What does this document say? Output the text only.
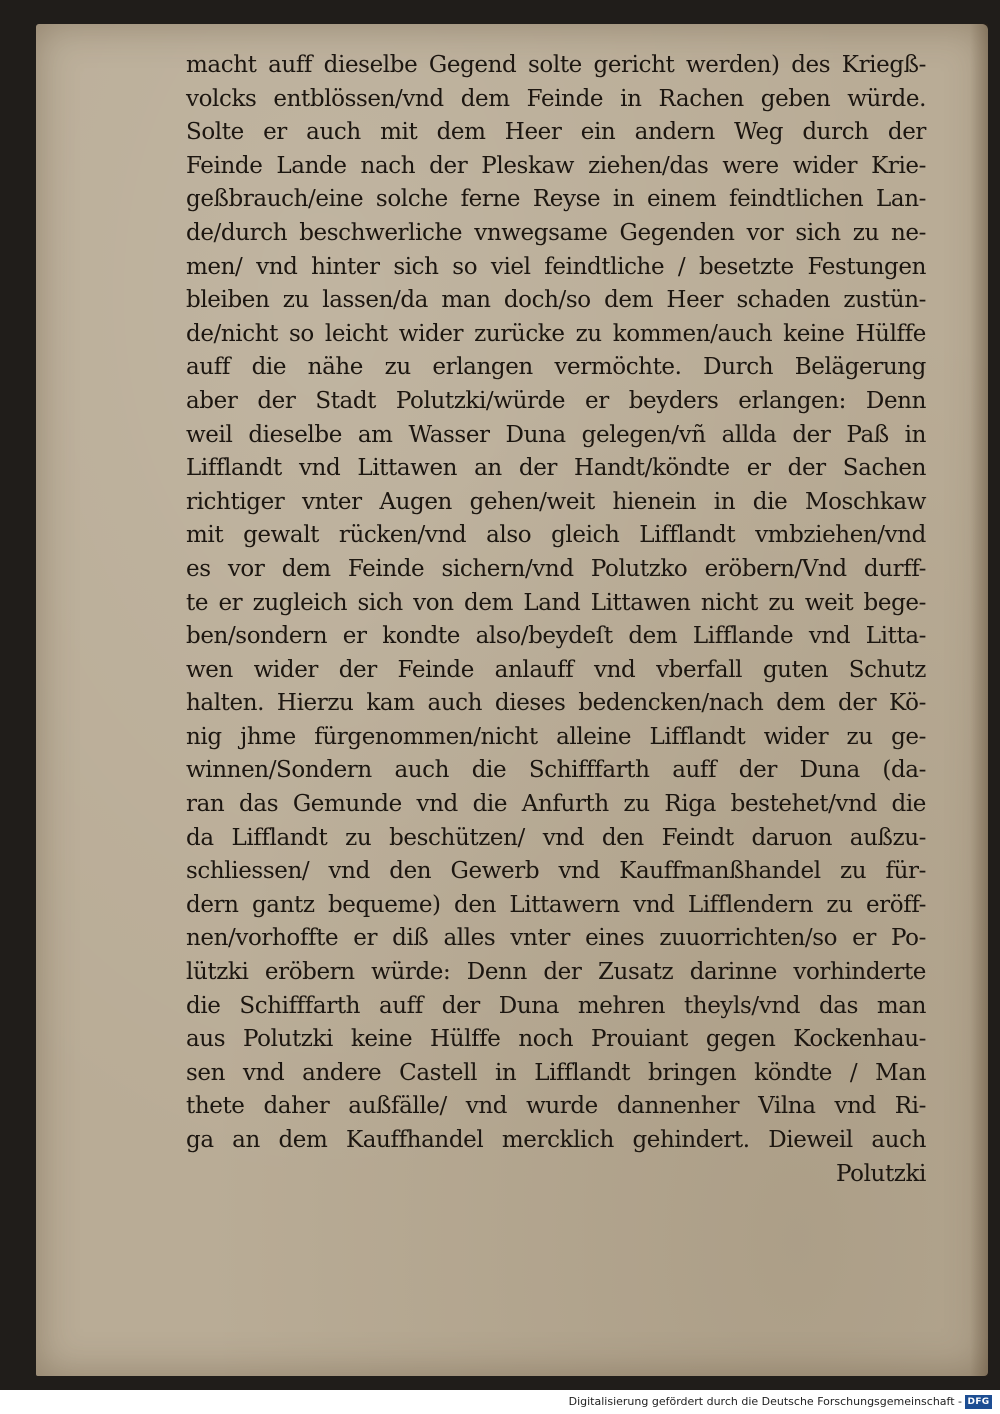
macht auff dieselbe Gegend solte gericht werden) des Kriegß-
volcks entblössen/vnd dem Feinde in Rachen geben würde.
Solte er auch mit dem Heer ein andern Weg durch der
Feinde Lande nach der Pleskaw ziehen/das were wider Krie-
geßbrauch/eine solche ferne Reyse in einem feindtlichen Lan-
de/durch beschwerliche vnwegsame Gegenden vor sich zu ne-
men/ vnd hinter sich so viel feindtliche / besetzte Festungen
bleiben zu lassen/da man doch/so dem Heer schaden zustün-
de/nicht so leicht wider zurücke zu kommen/auch keine Hülffe
auff die nähe zu erlangen vermöchte. Durch Belägerung
aber der Stadt Polutzki/würde er beyders erlangen: Denn
weil dieselbe am Wasser Duna gelegen/vñ allda der Paß in
Lifflandt vnd Littawen an der Handt/köndte er der Sachen
richtiger vnter Augen gehen/weit hienein in die Moschkaw
mit gewalt rücken/vnd also gleich Lifflandt vmbziehen/vnd
es vor dem Feinde sichern/vnd Polutzko eröbern/Vnd durff-
te er zugleich sich von dem Land Littawen nicht zu weit bege-
ben/sondern er kondte also/beydeſt dem Lifflande vnd Litta-
wen wider der Feinde anlauff vnd vberfall guten Schutz
halten. Hierzu kam auch dieses bedencken/nach dem der Kö-
nig jhme fürgenommen/nicht alleine Lifflandt wider zu ge-
winnen/Sondern auch die Schifffarth auff der Duna (da-
ran das Gemunde vnd die Anfurth zu Riga bestehet/vnd die
da Lifflandt zu beschützen/ vnd den Feindt daruon außzu-
schliessen/ vnd den Gewerb vnd Kauffmanßhandel zu für-
dern gantz bequeme) den Littawern vnd Lifflendern zu eröff-
nen/vorhoffte er diß alles vnter eines zuuorrichten/so er Po-
lützki eröbern würde: Denn der Zusatz darinne vorhinderte
die Schifffarth auff der Duna mehren theyls/vnd das man
aus Polutzki keine Hülffe noch Prouiant gegen Kockenhau-
sen vnd andere Castell in Lifflandt bringen köndte / Man
thete daher außfälle/ vnd wurde dannenher Vilna vnd Ri-
ga an dem Kauffhandel mercklich gehindert. Dieweil auch
Polutzki
Digitalisierung gefördert durch die Deutsche Forschungsgemeinschaft - DFG
